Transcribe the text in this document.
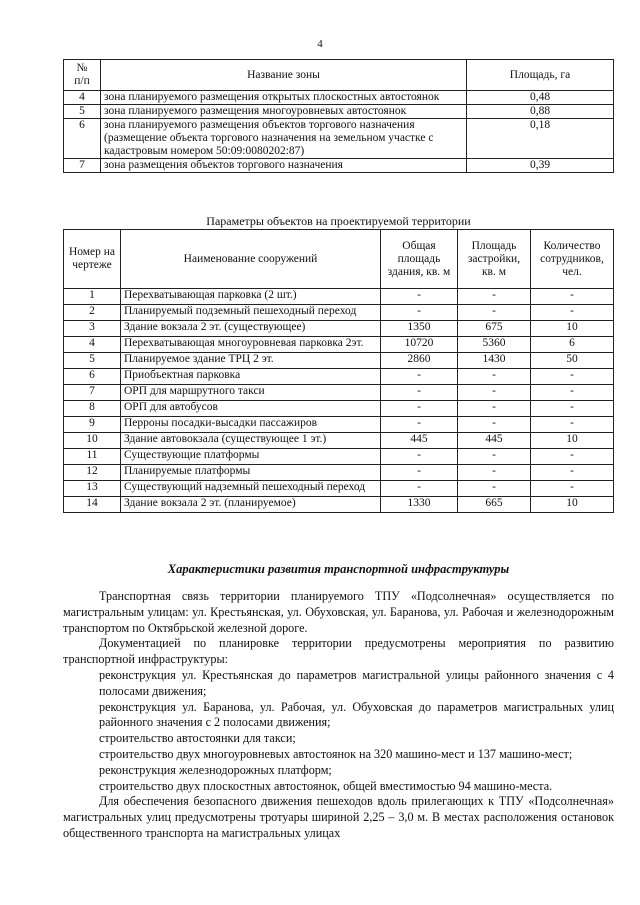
4
№
п/п	Название зоны	Площадь, га
4	зона планируемого размещения открытых плоскостных автостоянок	0,48
5	зона планируемого размещения многоуровневых автостоянок	0,88
6	зона планируемого размещения объектов торгового назначения (размещение объекта торгового назначения на земельном участке с кадастровым номером 50:09:0080202:87)	0,18
7	зона размещения объектов торгового назначения	0,39
Параметры объектов на проектируемой территории
Номер на чертеже	Наименование сооружений	Общая площадь здания, кв. м	Площадь застройки, кв. м	Количество сотрудников, чел.
1	Перехватывающая парковка (2 шт.)	-	-	-
2	Планируемый подземный пешеходный переход	-	-	-
3	Здание вокзала 2 эт. (существующее)	1350	675	10
4	Перехватывающая многоуровневая парковка 2эт.	10720	5360	6
5	Планируемое здание ТРЦ 2 эт.	2860	1430	50
6	Приобъектная парковка	-	-	-
7	ОРП для маршрутного такси	-	-	-
8	ОРП для автобусов	-	-	-
9	Перроны посадки-высадки пассажиров	-	-	-
10	Здание автовокзала (существующее 1 эт.)	445	445	10
11	Существующие платформы	-	-	-
12	Планируемые платформы	-	-	-
13	Существующий надземный пешеходный переход	-	-	-
14	Здание вокзала 2 эт. (планируемое)	1330	665	10
Характеристики развития транспортной инфраструктуры

Транспортная связь территории планируемого ТПУ «Подсолнечная» осуществляется по магистральным улицам: ул. Крестьянская, ул. Обуховская, ул. Баранова, ул. Рабочая и железнодорожным транспортом по Октябрьской железной дороге.

Документацией по планировке территории предусмотрены мероприятия по развитию транспортной инфраструктуры:

реконструкция ул. Крестьянская до параметров магистральной улицы районного значения с 4 полосами движения;

реконструкция ул. Баранова, ул. Рабочая, ул. Обуховская до параметров магистральных улиц районного значения с 2 полосами движения;

строительство автостоянки для такси;

строительство двух многоуровневых автостоянок на 320 машино-мест и 137 машино-мест;

реконструкция железнодорожных платформ;

строительство двух плоскостных автостоянок, общей вместимостью 94 машино-места.

Для обеспечения безопасного движения пешеходов вдоль прилегающих к ТПУ «Подсолнечная» магистральных улиц предусмотрены тротуары шириной 2,25 – 3,0 м. В местах расположения остановок общественного транспорта на магистральных улицах
